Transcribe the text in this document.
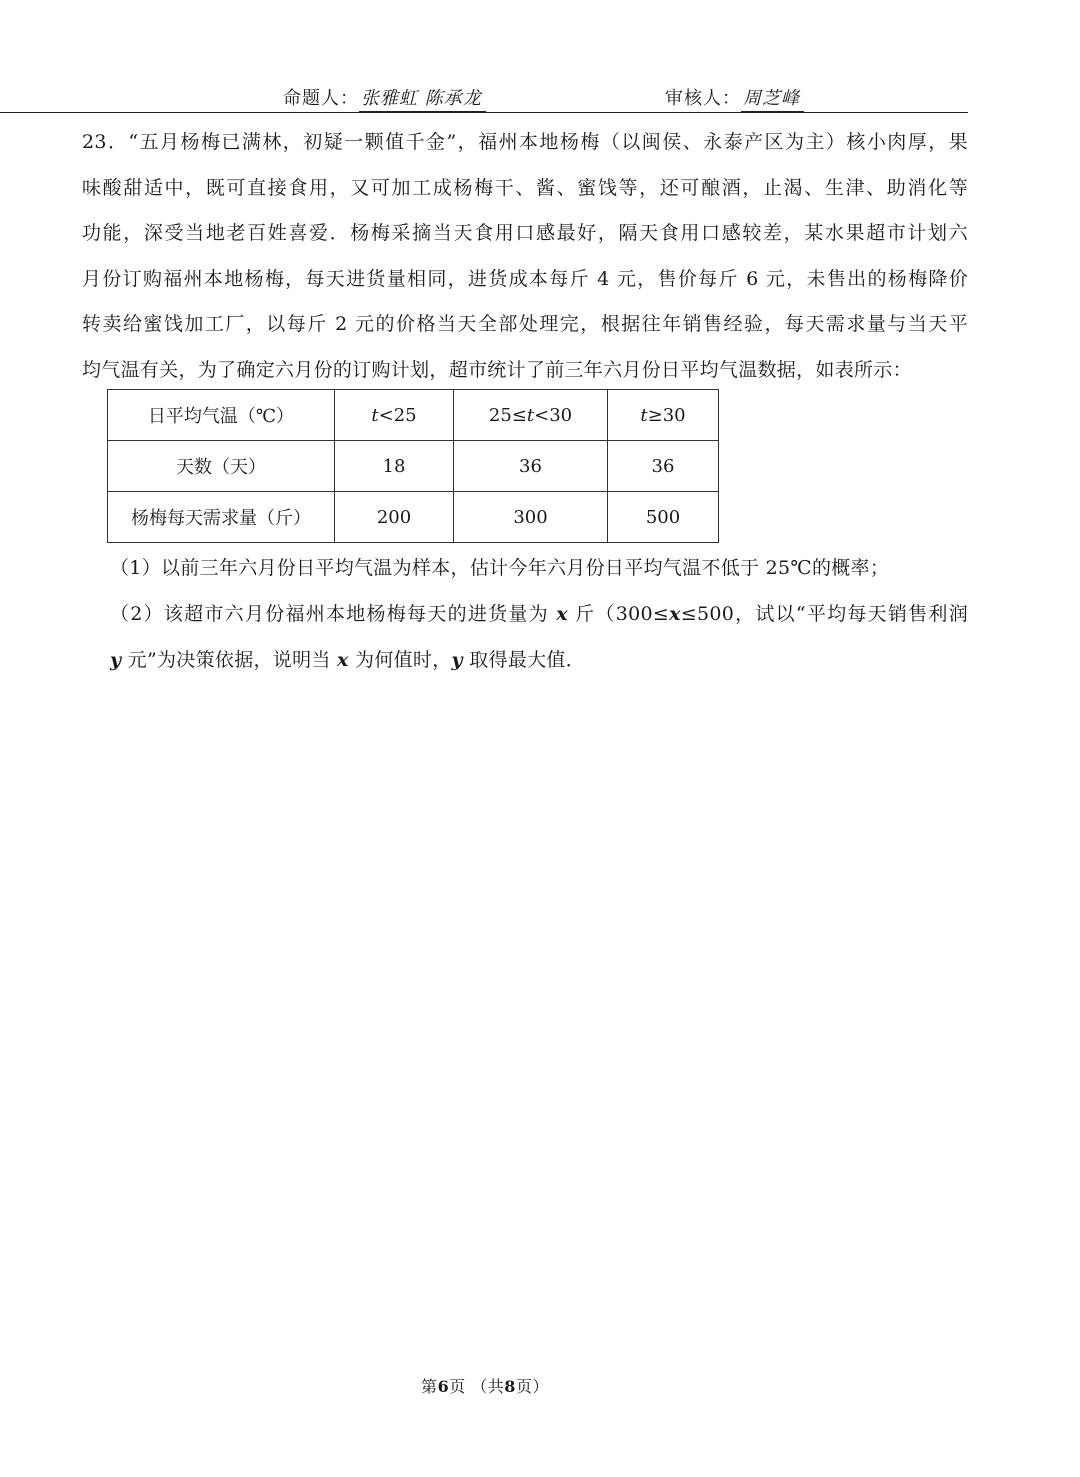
命题人： 张雅虹 陈承龙	审核人： 周芝峰
23．“五月杨梅已满林，初疑一颗值千金”，福州本地杨梅（以闽侯、永泰产区为主）核小肉厚，果
味酸甜适中，既可直接食用，又可加工成杨梅干、酱、蜜饯等，还可酿酒，止渴、生津、助消化等
功能，深受当地老百姓喜爱．杨梅采摘当天食用口感最好，隔天食用口感较差，某水果超市计划六
月份订购福州本地杨梅，每天进货量相同，进货成本每斤 4 元，售价每斤 6 元，未售出的杨梅降价
转卖给蜜饯加工厂，以每斤 2 元的价格当天全部处理完，根据往年销售经验，每天需求量与当天平
均气温有关，为了确定六月份的订购计划，超市统计了前三年六月份日平均气温数据，如表所示：
日平均气温（℃）	t<25	25≤t<30	t≥30
天数（天）	18	36	36
杨梅每天需求量（斤）	200	300	500
（1）以前三年六月份日平均气温为样本，估计今年六月份日平均气温不低于 25℃的概率；
（2）该超市六月份福州本地杨梅每天的进货量为 x 斤（300≤x≤500，试以“平均每天销售利润
y 元”为决策依据，说明当 x 为何值时，y 取得最大值．
第6页 （共8页）
